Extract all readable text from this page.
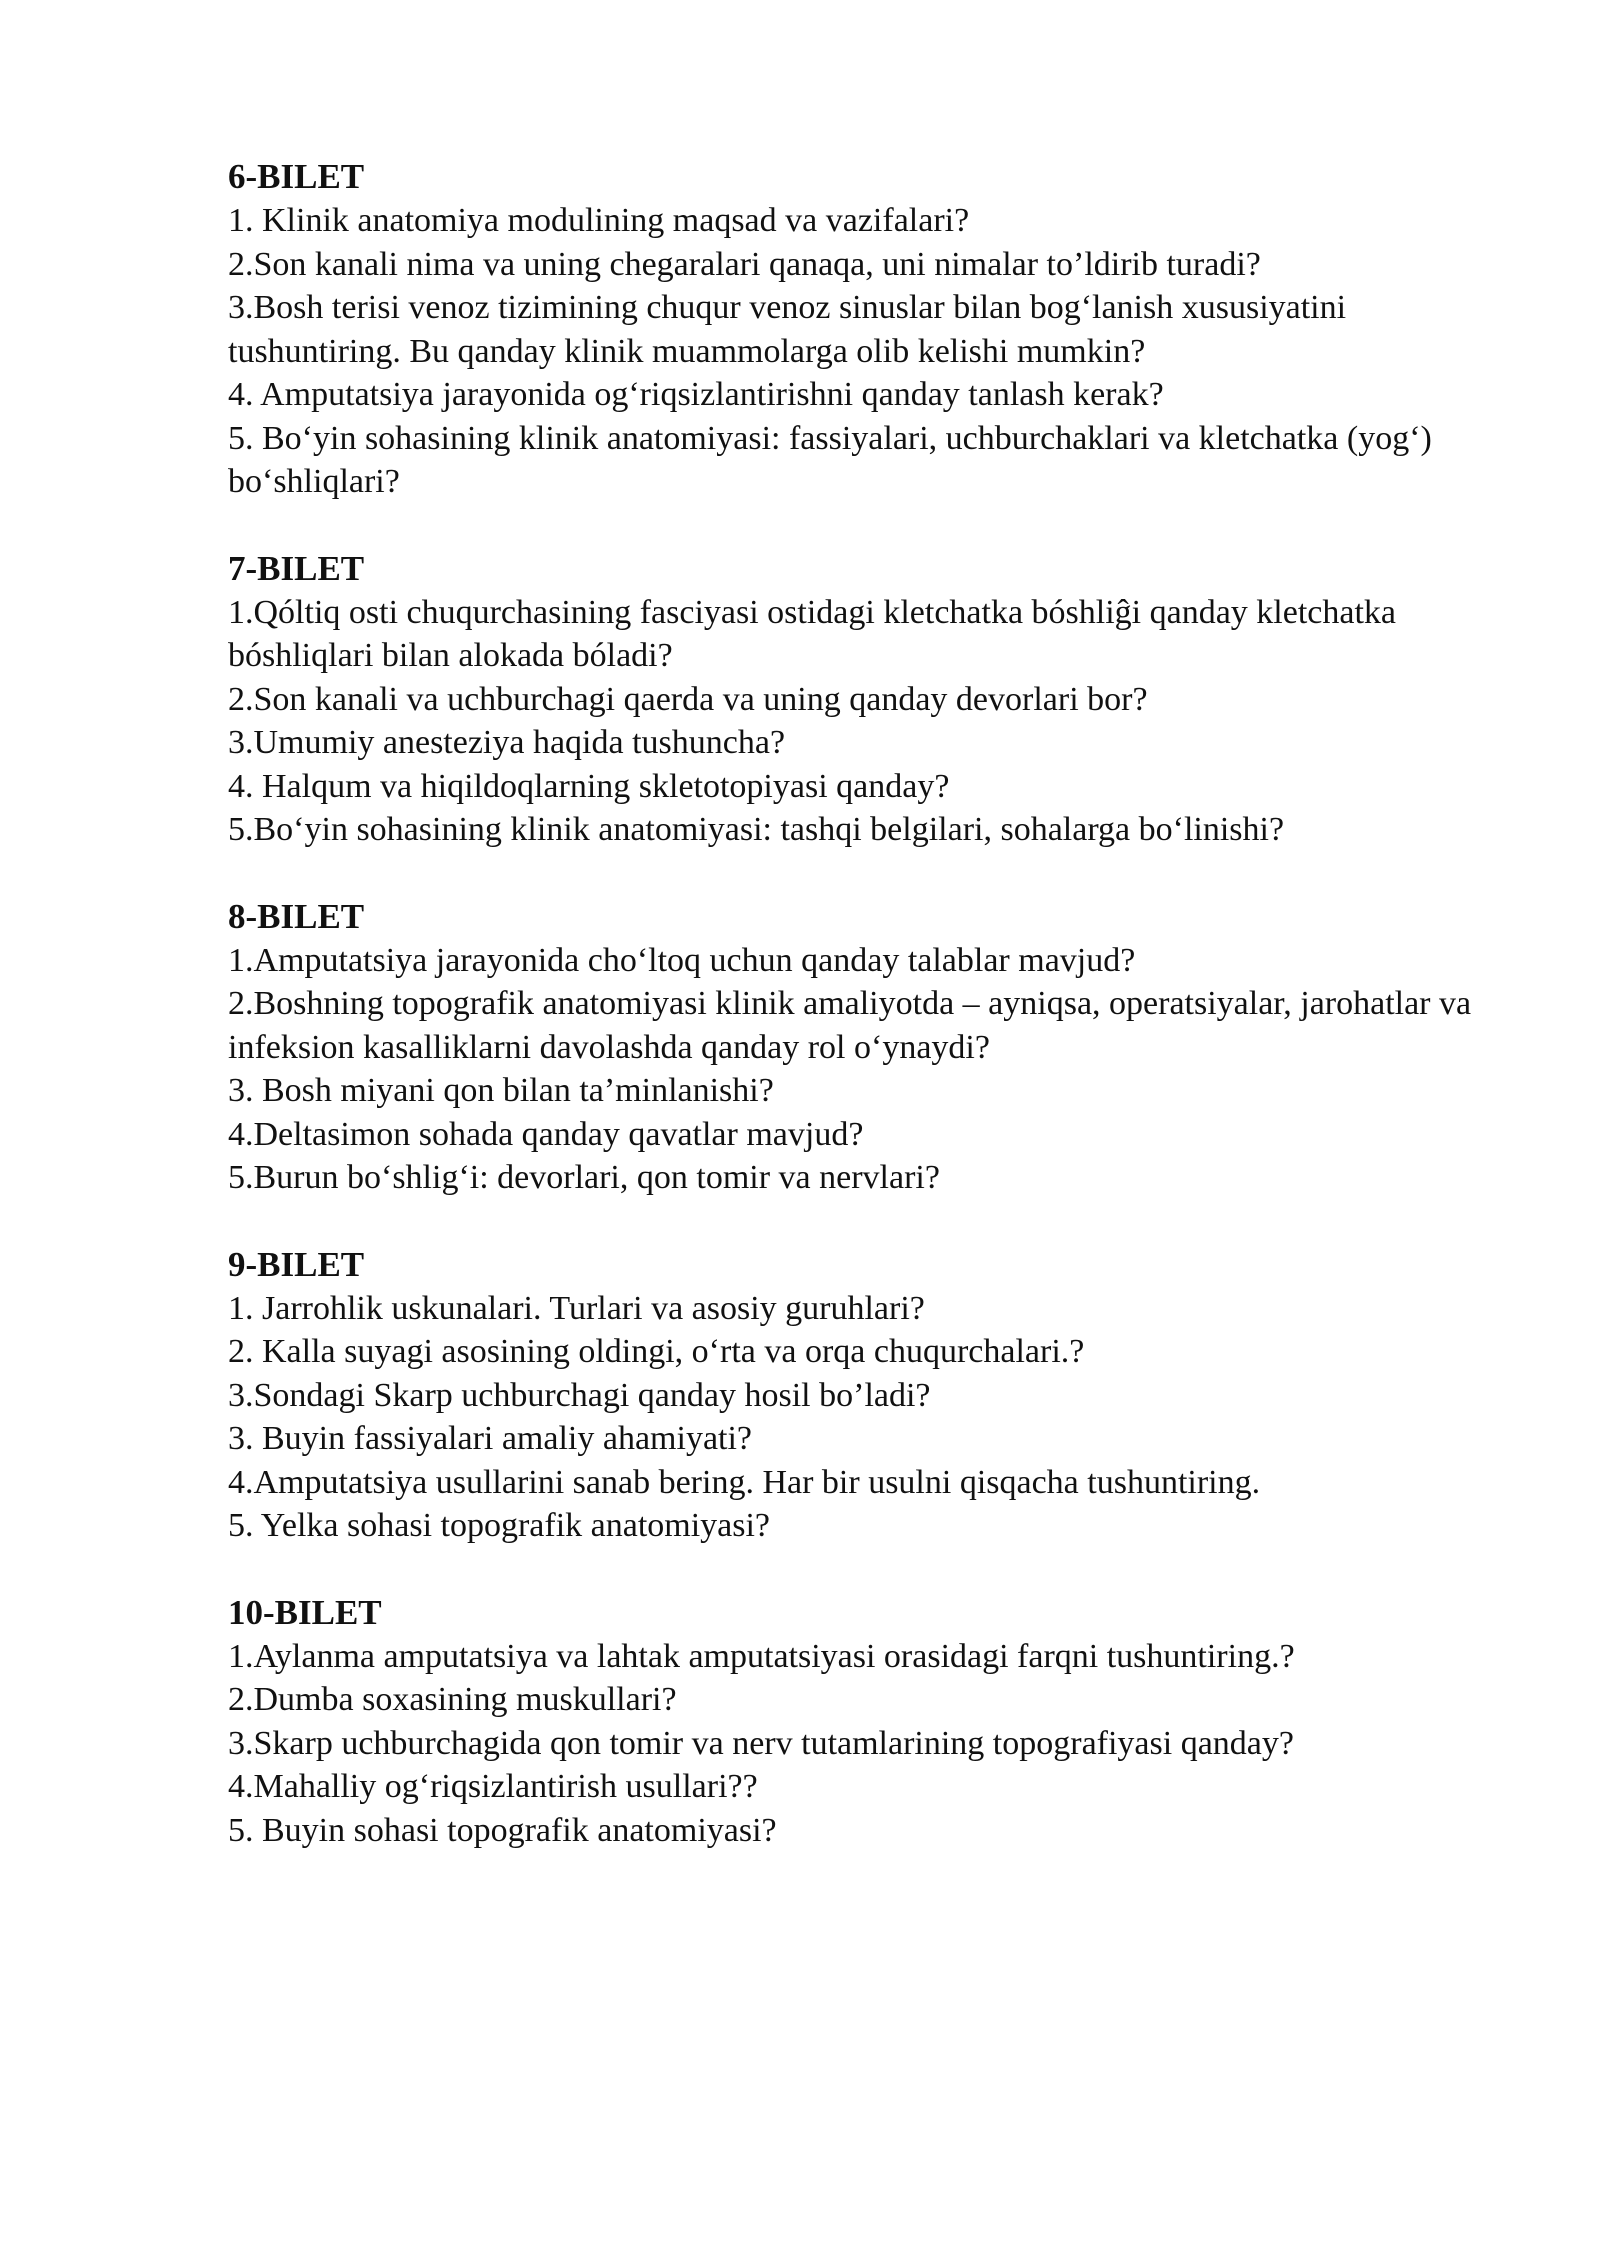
6-BILET

1. Klinik anatomiya modulining maqsad va vazifalari?

2.Son kanali nima va uning chegaralari qanaqa, uni nimalar to’ldirib turadi?

3.Bosh terisi venoz tizimining chuqur venoz sinuslar bilan bog‘lanish xususiyatini tushuntiring. Bu qanday klinik muammolarga olib kelishi mumkin?

4. Amputatsiya jarayonida og‘riqsizlantirishni qanday tanlash kerak?

5. Bo‘yin sohasining klinik anatomiyasi: fassiyalari, uchburchaklari va kletchatka (yog‘) bo‘shliqlari?

7-BILET

1.Qóltiq osti chuqurchasining fasciyasi ostidagi kletchatka bóshliĝi qanday kletchatka bóshliqlari bilan alokada bóladi?

2.Son kanali va uchburchagi qaerda va uning qanday devorlari bor?

3.Umumiy anesteziya haqida tushuncha?

4. Halqum va hiqildoqlarning skletotopiyasi qanday?

5.Bo‘yin sohasining klinik anatomiyasi: tashqi belgilari, sohalarga bo‘linishi?

8-BILET

1.Amputatsiya jarayonida cho‘ltoq uchun qanday talablar mavjud?

2.Boshning topografik anatomiyasi klinik amaliyotda – ayniqsa, operatsiyalar, jarohatlar va infeksion kasalliklarni davolashda qanday rol o‘ynaydi?

3. Bosh miyani qon bilan ta’minlanishi?

4.Deltasimon sohada qanday qavatlar mavjud?

5.Burun bo‘shlig‘i: devorlari, qon tomir va nervlari?

9-BILET

1. Jarrohlik uskunalari. Turlari va asosiy guruhlari?

2. Kalla suyagi asosining oldingi, o‘rta va orqa chuqurchalari.?

3.Sondagi Skarp uchburchagi qanday hosil bo’ladi?

3. Buyin fassiyalari amaliy ahamiyati?

4.Amputatsiya usullarini sanab bering. Har bir usulni qisqacha tushuntiring.

5. Yelka sohasi topografik anatomiyasi?

10-BILET

1.Aylanma amputatsiya va lahtak amputatsiyasi orasidagi farqni tushuntiring.?

2.Dumba soxasining muskullari?

3.Skarp uchburchagida qon tomir va nerv tutamlarining topografiyasi qanday?

4.Mahalliy og‘riqsizlantirish usullari??

5. Buyin sohasi topografik anatomiyasi?
